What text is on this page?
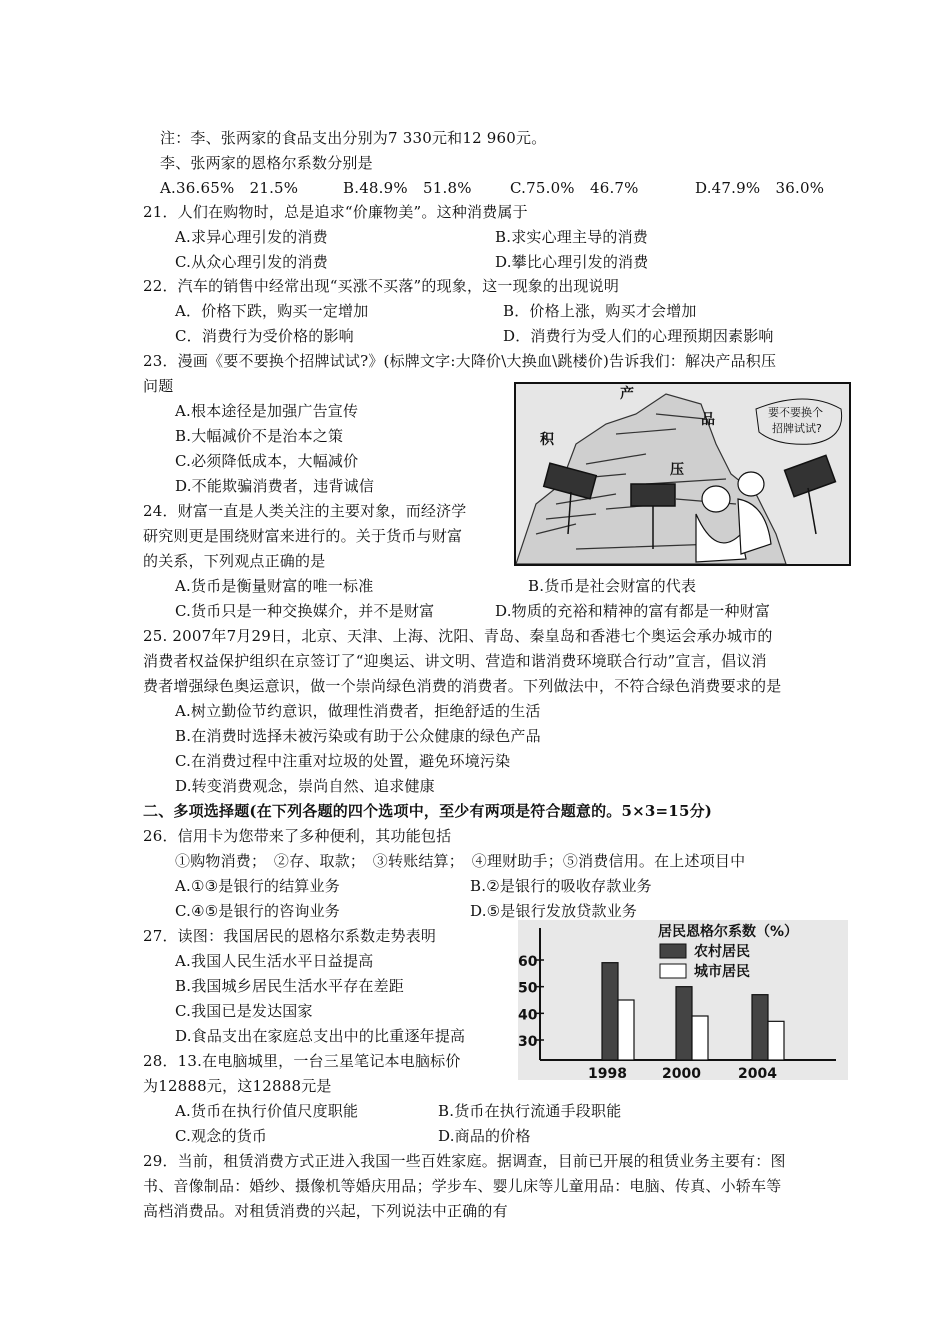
注：李、张两家的食品支出分别为7 330元和12 960元。
李、张两家的恩格尔系数分别是
A.36.65%　21.5%	B.48.9%　51.8%	C.75.0%　46.7%	D.47.9%　36.0%
21．人们在购物时，总是追求“价廉物美”。这种消费属于
A.求异心理引发的消费	B.求实心理主导的消费
C.从众心理引发的消费	D.攀比心理引发的消费
22．汽车的销售中经常出现“买涨不买落”的现象，这一现象的出现说明
A．价格下跌，购买一定增加	B．价格上涨，购买才会增加
C．消费行为受价格的影响	D．消费行为受人们的心理预期因素影响
23．漫画《要不要换个招牌试试?》(标牌文字:大降价\大换血\跳楼价)告诉我们：解决产品积压
问题
A.根本途径是加强广告宣传
B.大幅减价不是治本之策
C.必须降低成本，大幅减价
D.不能欺骗消费者，违背诚信
产
品
积
压
要不要换个
招牌试试?
24．财富一直是人类关注的主要对象，而经济学
研究则更是围绕财富来进行的。关于货币与财富
的关系，下列观点正确的是
A.货币是衡量财富的唯一标准	B.货币是社会财富的代表
C.货币只是一种交换媒介，并不是财富	D.物质的充裕和精神的富有都是一种财富
25. 2007年7月29日，北京、天津、上海、沈阳、青岛、秦皇岛和香港七个奥运会承办城市的
消费者权益保护组织在京签订了“迎奥运、讲文明、营造和谐消费环境联合行动”宣言，倡议消
费者增强绿色奥运意识，做一个崇尚绿色消费的消费者。下列做法中，不符合绿色消费要求的是
A.树立勤俭节约意识，做理性消费者，拒绝舒适的生活
B.在消费时选择未被污染或有助于公众健康的绿色产品
C.在消费过程中注重对垃圾的处置，避免环境污染
D.转变消费观念，崇尚自然、追求健康
二、多项选择题(在下列各题的四个选项中，至少有两项是符合题意的。5×3=15分)
26．信用卡为您带来了多种便利，其功能包括
①购物消费；　②存、取款；　③转账结算；　④理财助手；⑤消费信用。在上述项目中
A.①③是银行的结算业务	B.②是银行的吸收存款业务
C.④⑤是银行的咨询业务	D.⑤是银行发放贷款业务
27．读图：我国居民的恩格尔系数走势表明
A.我国人民生活水平日益提高
B.我国城乡居民生活水平存在差距
C.我国已是发达国家
D.食品支出在家庭总支出中的比重逐年提高
居民恩格尔系数（%）
60
50
40
30
1998	2000	2004
农村居民
城市居民
28．13.在电脑城里，一台三星笔记本电脑标价
为12888元，这12888元是
A.货币在执行价值尺度职能	B.货币在执行流通手段职能
C.观念的货币	D.商品的价格
29．当前，租赁消费方式正进入我国一些百姓家庭。据调查，目前已开展的租赁业务主要有：图
书、音像制品：婚纱、摄像机等婚庆用品；学步车、婴儿床等儿童用品：电脑、传真、小轿车等
高档消费品。对租赁消费的兴起，下列说法中正确的有
